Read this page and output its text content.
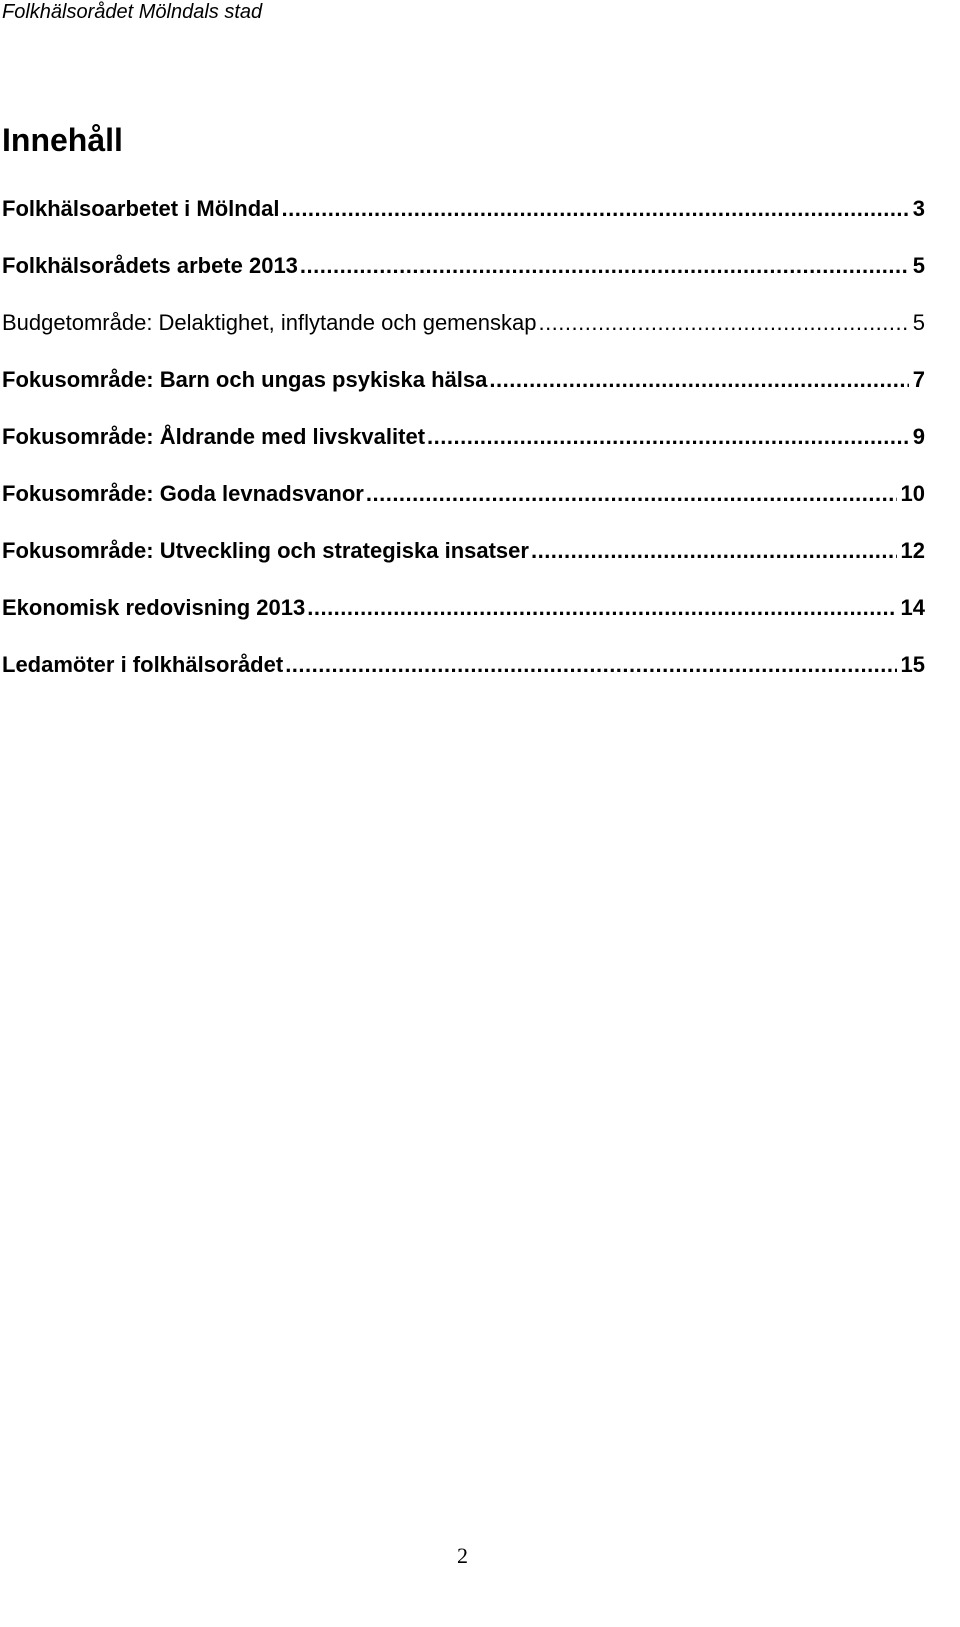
Folkhälsorådet Mölndals stad
Innehåll
Folkhälsoarbetet i Mölndal .....	3
Folkhälsorådets arbete 2013 .....	5
Budgetområde: Delaktighet, inflytande och gemenskap .....	5
Fokusområde: Barn och ungas psykiska hälsa .....	7
Fokusområde: Åldrande med livskvalitet .....	9
Fokusområde: Goda levnadsvanor .....	10
Fokusområde: Utveckling och strategiska insatser .....	12
Ekonomisk redovisning 2013 .....	14
Ledamöter i folkhälsorådet .....	15
2
